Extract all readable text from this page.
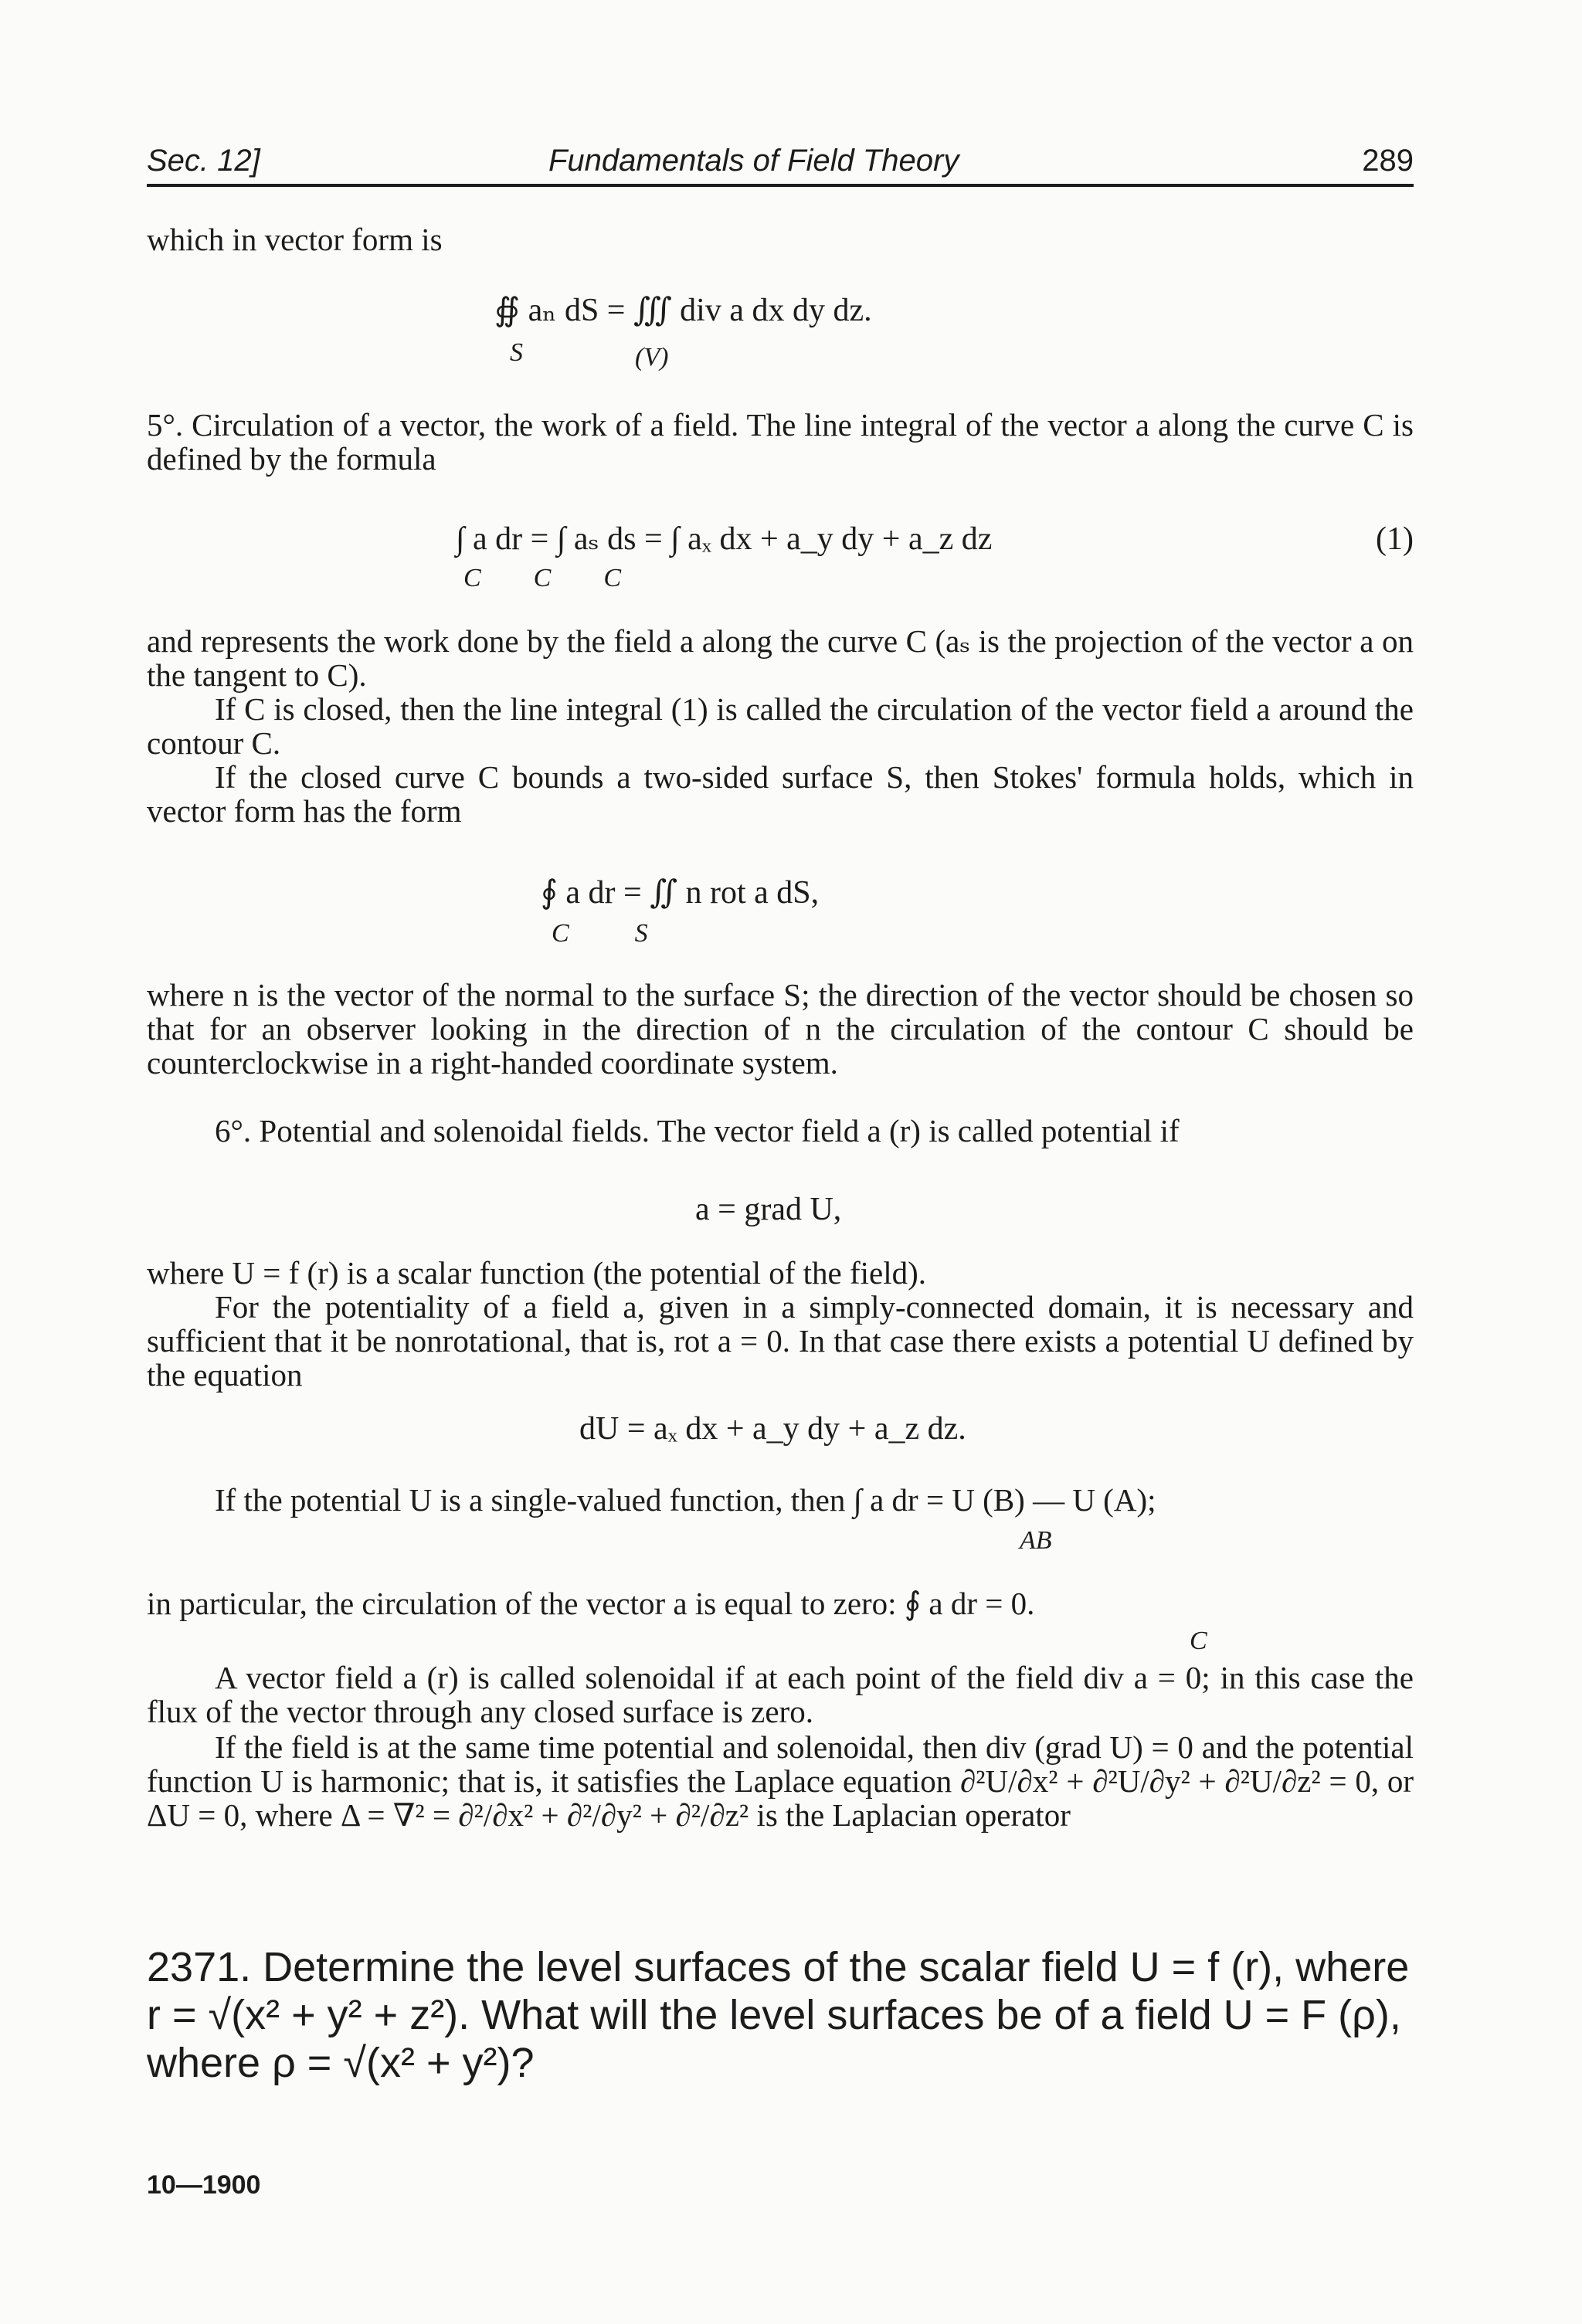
Sec. 12]	Fundamentals of Field Theory	289
which in vector form is
∯ aₙ dS = ∭ div a dx dy dz.
S	(V)
5°. Circulation of a vector, the work of a field. The line integral of the vector a along the curve C is defined by the formula
∫ a dr = ∫ aₛ ds = ∫ aₓ dx + a_y dy + a_z dz
C        C        C
(1)
and represents the work done by the field a along the curve C (aₛ is the projection of the vector a on the tangent to C).
If C is closed, then the line integral (1) is called the circulation of the vector field a around the contour C.
If the closed curve C bounds a two-sided surface S, then Stokes' formula holds, which in vector form has the form
∮ a dr = ∬ n rot a dS,
C          S
where n is the vector of the normal to the surface S; the direction of the vector should be chosen so that for an observer looking in the direction of n the circulation of the contour C should be counterclockwise in a right-handed coordinate system.
6°. Potential and solenoidal fields. The vector field a (r) is called potential if
a = grad U,
where U = f (r) is a scalar function (the potential of the field).
For the potentiality of a field a, given in a simply-connected domain, it is necessary and sufficient that it be nonrotational, that is, rot a = 0. In that case there exists a potential U defined by the equation
dU = aₓ dx + a_y dy + a_z dz.
If the potential U is a single-valued function, then ∫ a dr = U (B) — U (A);
AB
in particular, the circulation of the vector a is equal to zero: ∮ a dr = 0.
C
A vector field a (r) is called solenoidal if at each point of the field div a = 0; in this case the flux of the vector through any closed surface is zero.
If the field is at the same time potential and solenoidal, then div (grad U) = 0 and the potential function U is harmonic; that is, it satisfies the Laplace equation ∂²U/∂x² + ∂²U/∂y² + ∂²U/∂z² = 0, or ΔU = 0, where Δ = ∇² = ∂²/∂x² + ∂²/∂y² + ∂²/∂z² is the Laplacian operator
2371. Determine the level surfaces of the scalar field U = f (r), where r = √(x² + y² + z²). What will the level surfaces be of a field U = F (ρ), where ρ = √(x² + y²)?
10—1900
